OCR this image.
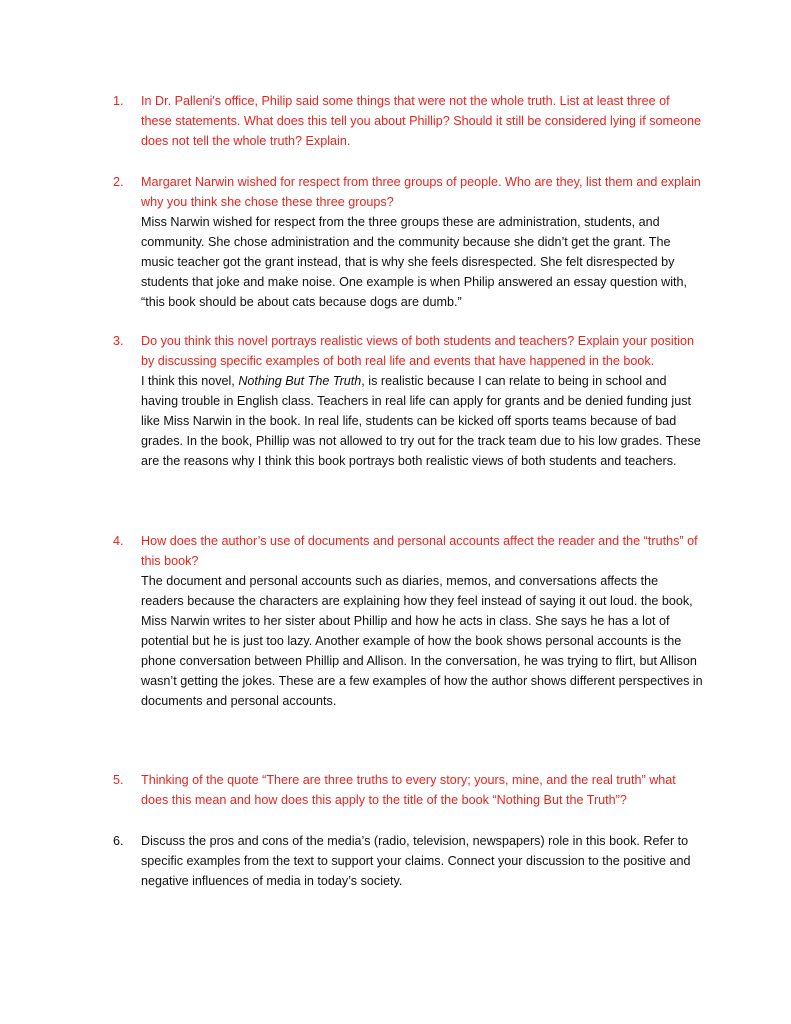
1.	In Dr. Palleni's office, Philip said some things that were not the whole truth. List at least three of these statements. What does this tell you about Phillip? Should it still be considered lying if someone does not tell the whole truth? Explain.
2.	Margaret Narwin wished for respect from three groups of people. Who are they, list them and explain why you think she chose these three groups?
Miss Narwin wished for respect from the three groups these are administration, students, and community. She chose administration and the community because she didn’t get the grant. The music teacher got the grant instead, that is why she feels disrespected. She felt disrespected by students that joke and make noise. One example is when Philip answered an essay question with, “this book should be about cats because dogs are dumb.”
3.	Do you think this novel portrays realistic views of both students and teachers? Explain your position by discussing specific examples of both real life and events that have happened in the book.
I think this novel, Nothing But The Truth, is realistic because I can relate to being in school and having trouble in English class. Teachers in real life can apply for grants and be denied funding just like Miss Narwin in the book. In real life, students can be kicked off sports teams because of bad grades. In the book, Phillip was not allowed to try out for the track team due to his low grades. These are the reasons why I think this book portrays both realistic views of both students and teachers.
4.	How does the author’s use of documents and personal accounts affect the reader and the “truths” of this book?
The document and personal accounts such as diaries, memos, and conversations affects the readers because the characters are explaining how they feel instead of saying it out loud. the book, Miss Narwin writes to her sister about Phillip and how he acts in class. She says he has a lot of potential but he is just too lazy. Another example of how the book shows personal accounts is the phone conversation between Phillip and Allison. In the conversation, he was trying to flirt, but Allison wasn’t getting the jokes. These are a few examples of how the author shows different perspectives in documents and personal accounts.
5.	Thinking of the quote “There are three truths to every story; yours, mine, and the real truth” what does this mean and how does this apply to the title of the book “Nothing But the Truth”?
6.	Discuss the pros and cons of the media’s (radio, television, newspapers) role in this book. Refer to specific examples from the text to support your claims. Connect your discussion to the positive and negative influences of media in today’s society.
